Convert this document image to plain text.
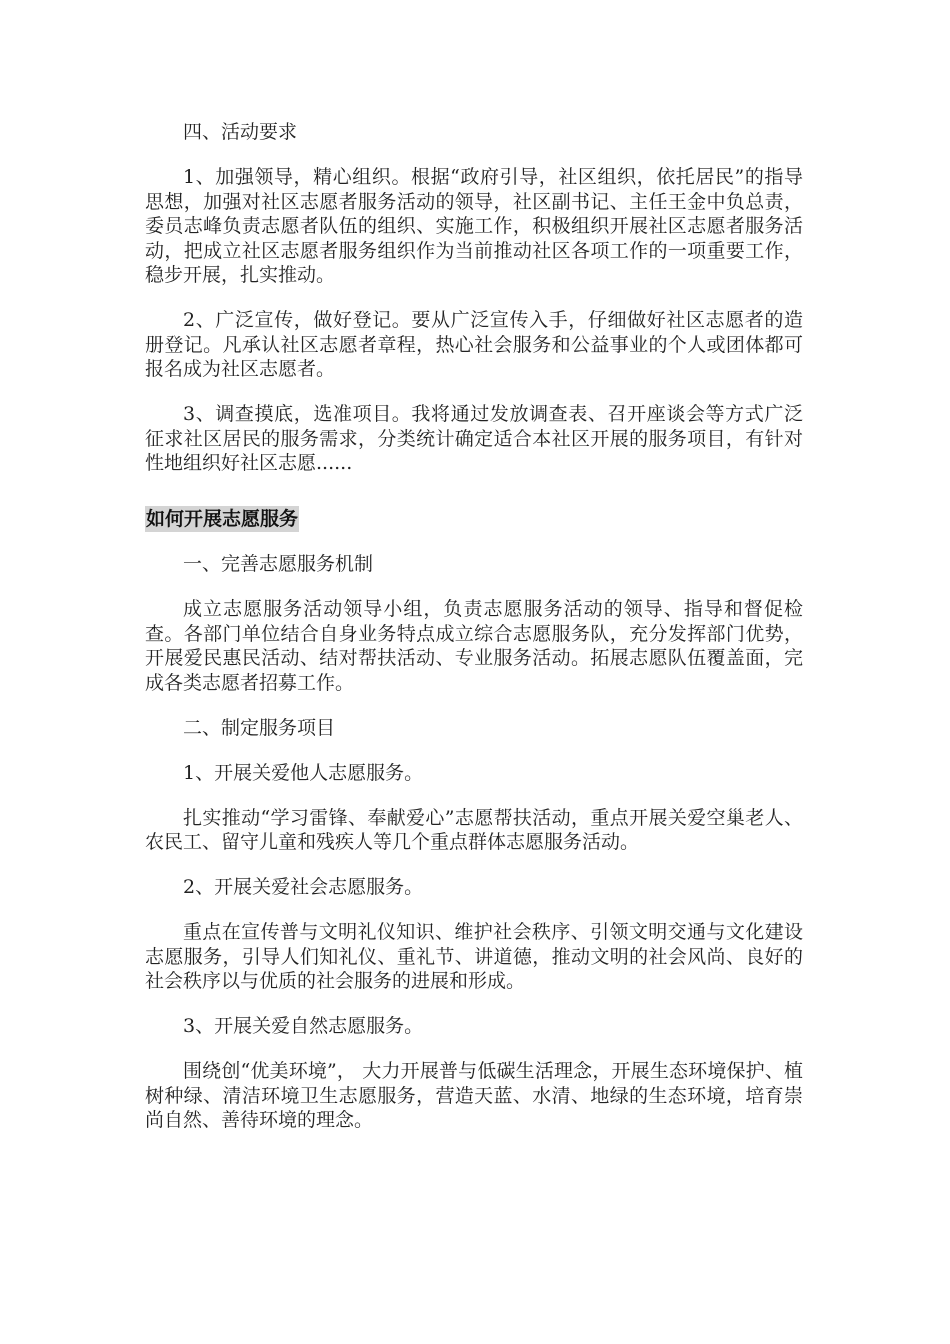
四、活动要求

1、加强领导，精心组织。根据“政府引导，社区组织，依托居民”的指导思想，加强对社区志愿者服务活动的领导，社区副书记、主任王金中负总责，委员志峰负责志愿者队伍的组织、实施工作，积极组织开展社区志愿者服务活动，把成立社区志愿者服务组织作为当前推动社区各项工作的一项重要工作，稳步开展，扎实推动。

2、广泛宣传，做好登记。要从广泛宣传入手，仔细做好社区志愿者的造册登记。凡承认社区志愿者章程，热心社会服务和公益事业的个人或团体都可报名成为社区志愿者。

3、调查摸底，选准项目。我将通过发放调查表、召开座谈会等方式广泛征求社区居民的服务需求，分类统计确定适合本社区开展的服务项目，有针对性地组织好社区志愿......

如何开展志愿服务

一、完善志愿服务机制

成立志愿服务活动领导小组，负责志愿服务活动的领导、指导和督促检查。各部门单位结合自身业务特点成立综合志愿服务队，充分发挥部门优势，开展爱民惠民活动、结对帮扶活动、专业服务活动。拓展志愿队伍覆盖面，完成各类志愿者招募工作。

二、制定服务项目

1、开展关爱他人志愿服务。

扎实推动“学习雷锋、奉献爱心”志愿帮扶活动，重点开展关爱空巢老人、农民工、留守儿童和残疾人等几个重点群体志愿服务活动。

2、开展关爱社会志愿服务。

重点在宣传普与文明礼仪知识、维护社会秩序、引领文明交通与文化建设志愿服务，引导人们知礼仪、重礼节、讲道德，推动文明的社会风尚、良好的社会秩序以与优质的社会服务的进展和形成。

3、开展关爱自然志愿服务。

围绕创“优美环境”， 大力开展普与低碳生活理念，开展生态环境保护、植树种绿、清洁环境卫生志愿服务，营造天蓝、水清、地绿的生态环境，培育崇尚自然、善待环境的理念。
